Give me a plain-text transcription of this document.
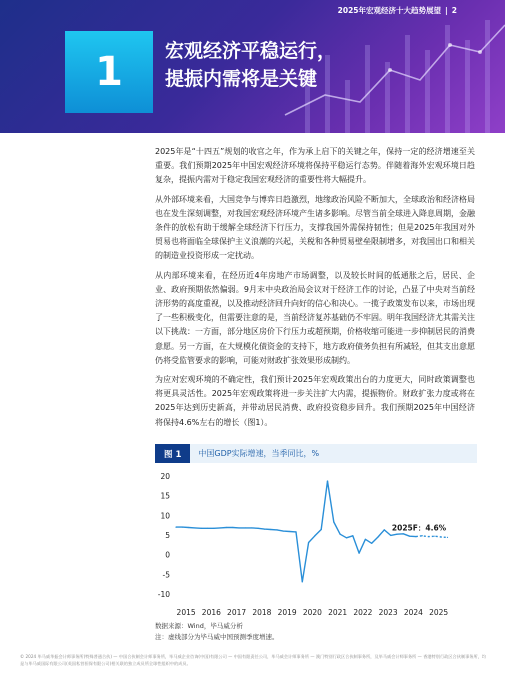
2025年宏观经济十大趋势展望 | 2
1	宏观经济平稳运行，
提振内需将是关键

2025年是“十四五”规划的收官之年，作为承上启下的关键之年，保持一定的经济增速至关重要。我们预期2025年中国宏观经济环境将保持平稳运行态势。伴随着海外宏观环境日趋复杂，提振内需对于稳定我国宏观经济的重要性将大幅提升。

从外部环境来看，大国竞争与博弈日趋激烈，地缘政治风险不断加大，全球政治和经济格局也在发生深刻调整，对我国宏观经济环境产生诸多影响。尽管当前全球进入降息周期，金融条件的放松有助于缓解全球经济下行压力，支撑我国外需保持韧性；但是2025年我国对外贸易也将面临全球保护主义浪潮的兴起，关税和各种贸易壁垒限制增多，对我国出口和相关的制造业投资形成一定扰动。

从内部环境来看，在经历近4年房地产市场调整，以及较长时间的低通胀之后，居民、企业、政府预期依然偏弱。9月末中央政治局会议对于经济工作的讨论，凸显了中央对当前经济形势的高度重视，以及推动经济回升向好的信心和决心。一揽子政策发布以来，市场出现了一些积极变化，但需要注意的是，当前经济复苏基础仍不牢固。明年我国经济尤其需关注以下挑战：一方面，部分地区房价下行压力或超预期，价格收缩可能进一步抑制居民的消费意愿。另一方面，在大规模化债资金的支持下，地方政府债务负担有所减轻，但其支出意愿仍将受监管要求的影响，可能对财政扩张效果形成制约。

为应对宏观环境的不确定性，我们预计2025年宏观政策出台的力度更大，同时政策调整也将更具灵活性。2025年宏观政策将进一步关注扩大内需，提振物价。财政扩张力度或将在2025年达到历史新高，并带动居民消费、政府投资稳步回升。我们预期2025年中国经济将保持4.6%左右的增长（图1）。

图 1	中国GDP实际增速，当季同比，%
-10
-5
0
5
10
15
20
2015 2016 2017 2018 2019 2020 2021 2022 2023 2024 2025
2025F：4.6%
数据来源：Wind，毕马威分析
注：虚线部分为毕马威中国预测季度增速。
© 2024 毕马威华振会计师事务所(特殊普通合伙) — 中国合伙制会计师事务所，毕马威企业咨询(中国)有限公司 — 中国有限责任公司，毕马威会计师事务所 — 澳门特别行政区合伙制事务所，及毕马威会计师事务所 — 香港特别行政区合伙制事务所，均是与毕马威国际有限公司(英国私营担保有限公司)相关联的独立成员所全球性组织中的成员。
